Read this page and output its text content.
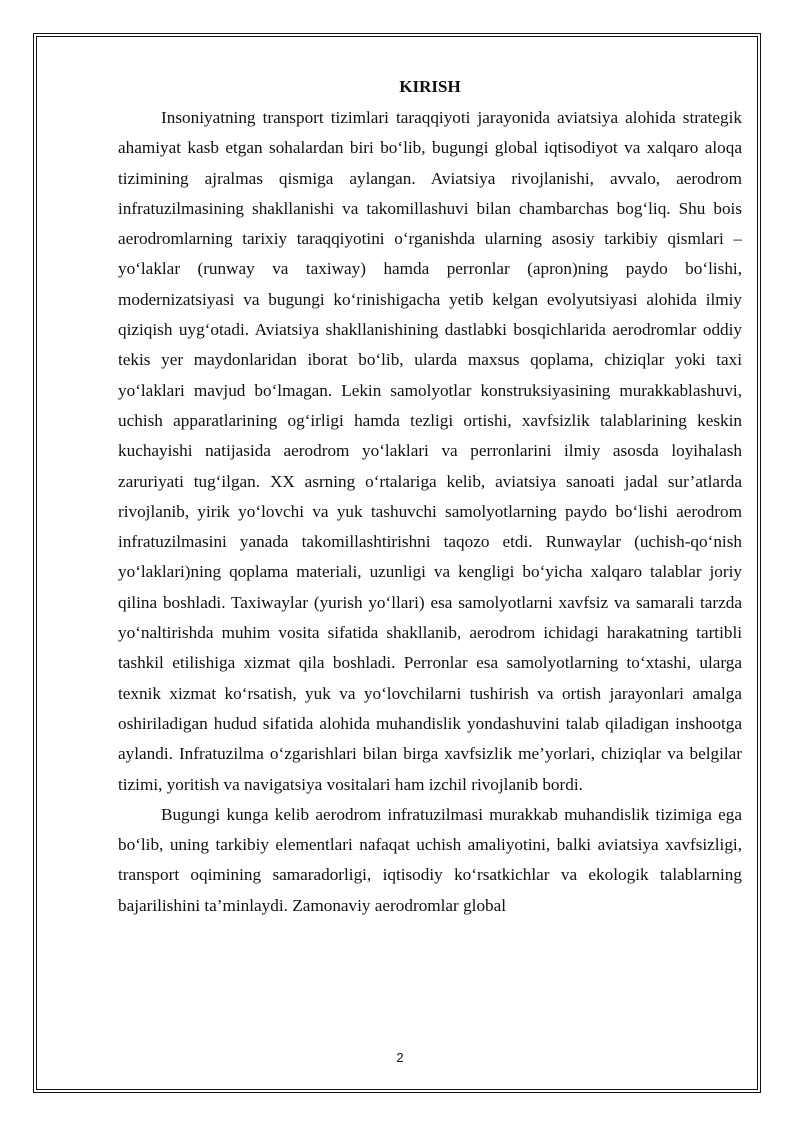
KIRISH

Insoniyatning transport tizimlari taraqqiyoti jarayonida aviatsiya alohida strategik ahamiyat kasb etgan sohalardan biri bo‘lib, bugungi global iqtisodiyot va xalqaro aloqa tizimining ajralmas qismiga aylangan. Aviatsiya rivojlanishi, avvalo, aerodrom infratuzilmasining shakllanishi va takomillashuvi bilan chambarchas bog‘liq. Shu bois aerodromlarning tarixiy taraqqiyotini o‘rganishda ularning asosiy tarkibiy qismlari – yo‘laklar (runway va taxiway) hamda perronlar (apron)ning paydo bo‘lishi, modernizatsiyasi va bugungi ko‘rinishigacha yetib kelgan evolyutsiyasi alohida ilmiy qiziqish uyg‘otadi. Aviatsiya shakllanishining dastlabki bosqichlarida aerodromlar oddiy tekis yer maydonlaridan iborat bo‘lib, ularda maxsus qoplama, chiziqlar yoki taxi yo‘laklari mavjud bo‘lmagan. Lekin samolyotlar konstruksiyasining murakkablashuvi, uchish apparatlarining og‘irligi hamda tezligi ortishi, xavfsizlik talablarining keskin kuchayishi natijasida aerodrom yo‘laklari va perronlarini ilmiy asosda loyihalash zaruriyati tug‘ilgan. XX asrning o‘rtalariga kelib, aviatsiya sanoati jadal sur’atlarda rivojlanib, yirik yo‘lovchi va yuk tashuvchi samolyotlarning paydo bo‘lishi aerodrom infratuzilmasini yanada takomillashtirishni taqozo etdi. Runwaylar (uchish-qo‘nish yo‘laklari)ning qoplama materiali, uzunligi va kengligi bo‘yicha xalqaro talablar joriy qilina boshladi. Taxiwaylar (yurish yo‘llari) esa samolyotlarni xavfsiz va samarali tarzda yo‘naltirishda muhim vosita sifatida shakllanib, aerodrom ichidagi harakatning tartibli tashkil etilishiga xizmat qila boshladi. Perronlar esa samolyotlarning to‘xtashi, ularga texnik xizmat ko‘rsatish, yuk va yo‘lovchilarni tushirish va ortish jarayonlari amalga oshiriladigan hudud sifatida alohida muhandislik yondashuvini talab qiladigan inshootga aylandi. Infratuzilma o‘zgarishlari bilan birga xavfsizlik me’yorlari, chiziqlar va belgilar tizimi, yoritish va navigatsiya vositalari ham izchil rivojlanib bordi.

Bugungi kunga kelib aerodrom infratuzilmasi murakkab muhandislik tizimiga ega bo‘lib, uning tarkibiy elementlari nafaqat uchish amaliyotini, balki aviatsiya xavfsizligi, transport oqimining samaradorligi, iqtisodiy ko‘rsatkichlar va ekologik talablarning bajarilishini ta’minlaydi. Zamonaviy aerodromlar global

2
